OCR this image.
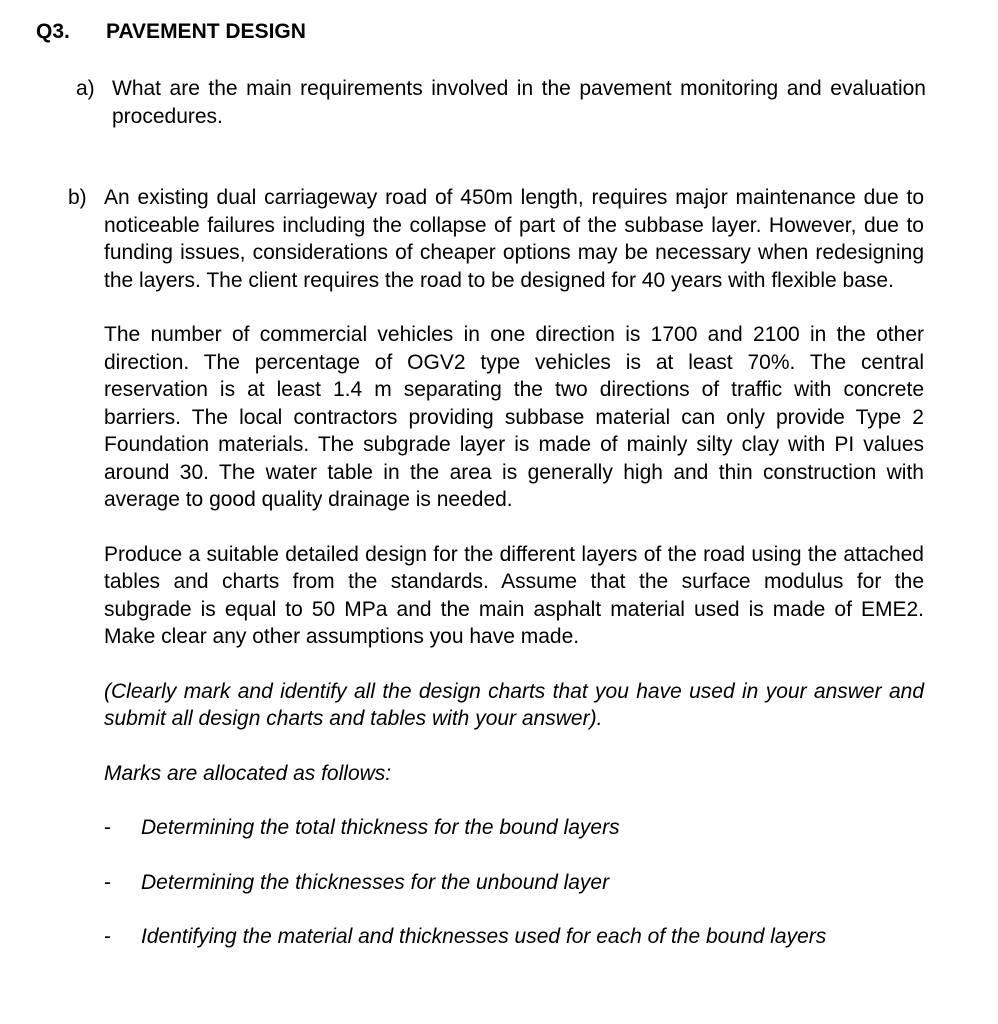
Q3. PAVEMENT DESIGN
a) What are the main requirements involved in the pavement monitoring and evaluation procedures.
b) An existing dual carriageway road of 450m length, requires major maintenance due to noticeable failures including the collapse of part of the subbase layer. However, due to funding issues, considerations of cheaper options may be necessary when redesigning the layers. The client requires the road to be designed for 40 years with flexible base.

The number of commercial vehicles in one direction is 1700 and 2100 in the other direction. The percentage of OGV2 type vehicles is at least 70%. The central reservation is at least 1.4 m separating the two directions of traffic with concrete barriers. The local contractors providing subbase material can only provide Type 2 Foundation materials. The subgrade layer is made of mainly silty clay with PI values around 30. The water table in the area is generally high and thin construction with average to good quality drainage is needed.

Produce a suitable detailed design for the different layers of the road using the attached tables and charts from the standards. Assume that the surface modulus for the subgrade is equal to 50 MPa and the main asphalt material used is made of EME2. Make clear any other assumptions you have made.

(Clearly mark and identify all the design charts that you have used in your answer and submit all design charts and tables with your answer).

Marks are allocated as follows:

- Determining the total thickness for the bound layers
- Determining the thicknesses for the unbound layer
- Identifying the material and thicknesses used for each of the bound layers
